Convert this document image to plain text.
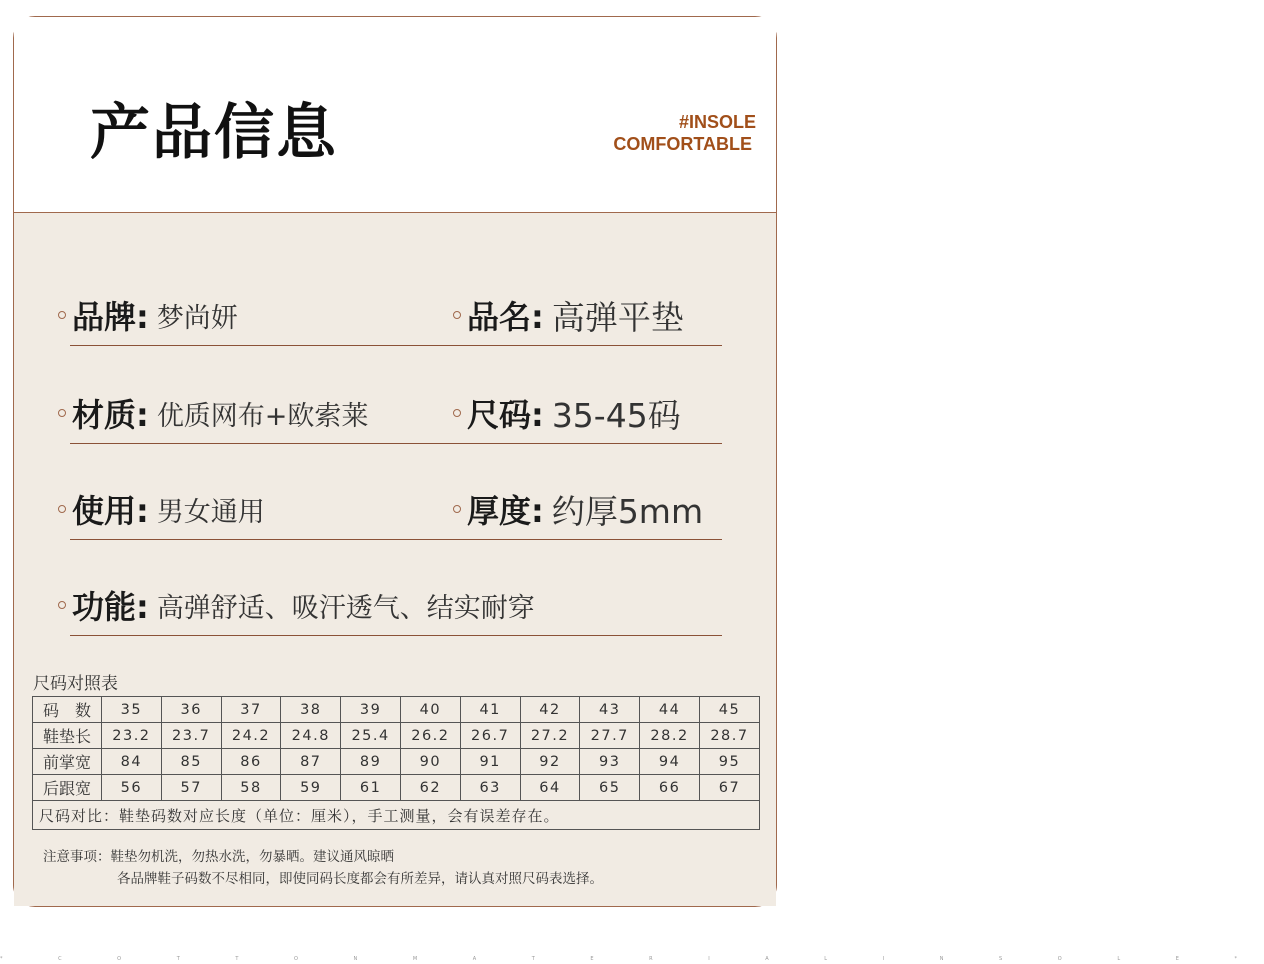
产品信息	#INSOLE
COMFORTABLE
品牌: 梦尚妍	品名: 高弹平垫
材质: 优质网布+欧索莱	尺码: 35-45码
使用: 男女通用	厚度: 约厚5mm
功能: 高弹舒适、吸汗透气、结实耐穿
尺码对照表
码　数	35	36	37	38	39	40	41	42	43	44	45
鞋垫长	23.2	23.7	24.2	24.8	25.4	26.2	26.7	27.2	27.7	28.2	28.7
前掌宽	84	85	86	87	89	90	91	92	93	94	95
后跟宽	56	57	58	59	61	62	63	64	65	66	67
尺码对比：鞋垫码数对应长度（单位：厘米），手工测量，会有误差存在。											
注意事项：鞋垫勿机洗，勿热水洗，勿暴晒。建议通风晾晒
各品牌鞋子码数不尽相同，即使同码长度都会有所差异，请认真对照尺码表选择。
* C O T T O N M A T E R I A L I N S O L E *
